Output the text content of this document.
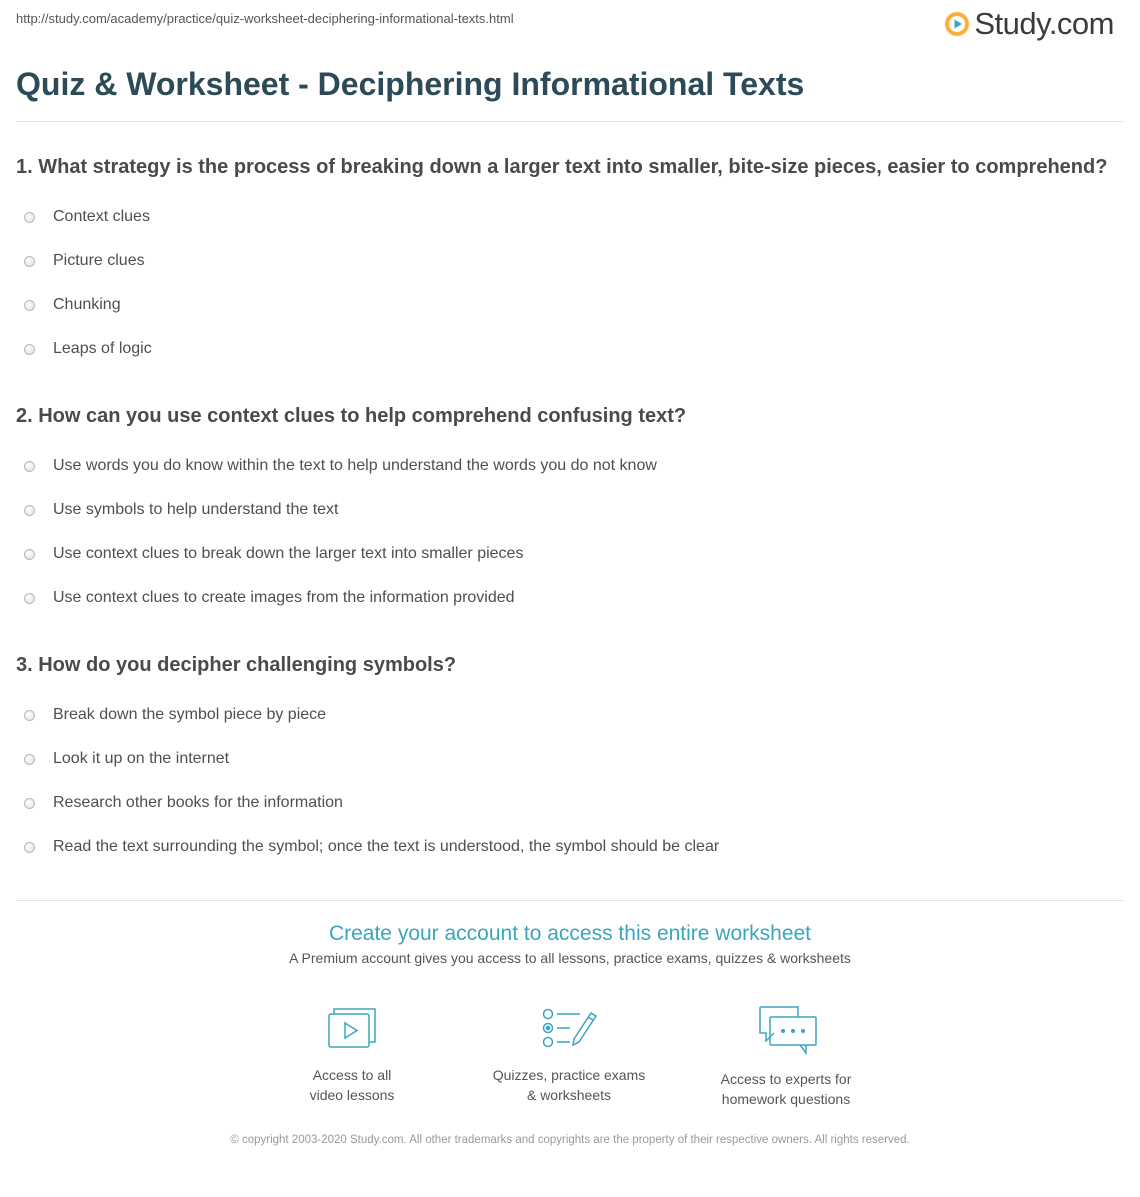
http://study.com/academy/practice/quiz-worksheet-deciphering-informational-texts.html	Study.com
Quiz & Worksheet - Deciphering Informational Texts

1. What strategy is the process of breaking down a larger text into smaller, bite-size pieces, easier to comprehend?

Context clues
Picture clues
Chunking
Leaps of logic

2. How can you use context clues to help comprehend confusing text?

Use words you do know within the text to help understand the words you do not know
Use symbols to help understand the text
Use context clues to break down the larger text into smaller pieces
Use context clues to create images from the information provided

3. How do you decipher challenging symbols?

Break down the symbol piece by piece
Look it up on the internet
Research other books for the information
Read the text surrounding the symbol; once the text is understood, the symbol should be clear

Create your account to access this entire worksheet

A Premium account gives you access to all lessons, practice exams, quizzes & worksheets
Access to all
video lessons
Quizzes, practice exams
& worksheets
Access to experts for
homework questions
© copyright 2003-2020 Study.com. All other trademarks and copyrights are the property of their respective owners. All rights reserved.
